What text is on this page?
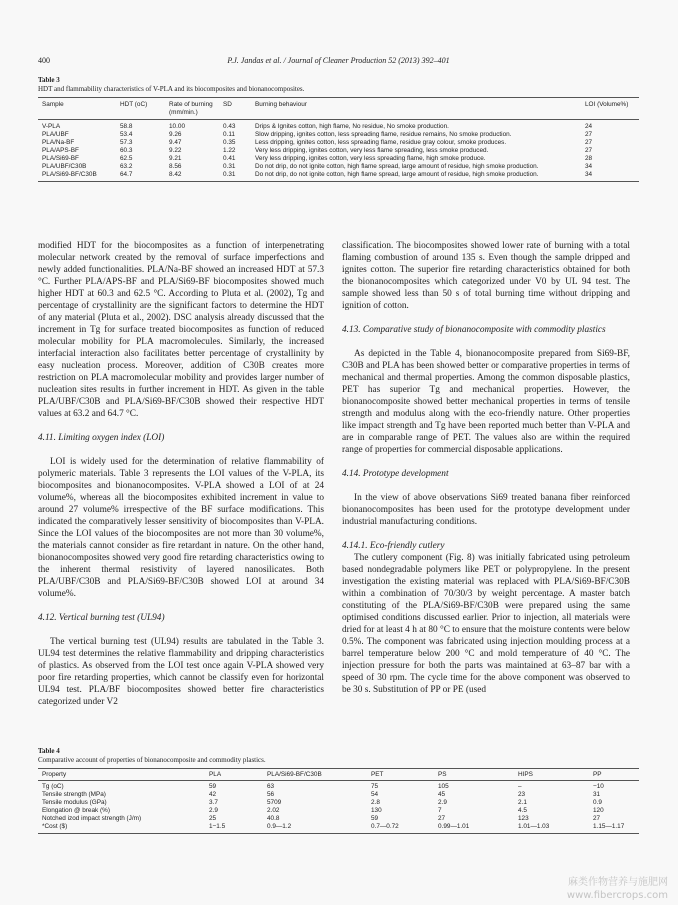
400	P.J. Jandas et al. / Journal of Cleaner Production 52 (2013) 392–401
Table 3
HDT and flammability characteristics of V-PLA and its biocomposites and bionanocomposites.
Sample	HDT (oC)	Rate of burning (mm/min.)	SD	Burning behaviour	LOI (Volume%)

V-PLA	58.8	10.00	0.43	Drips & Ignites cotton, high flame, No residue, No smoke production.	24
PLA/UBF	53.4	9.26	0.11	Slow dripping, ignites cotton, less spreading flame, residue remains, No smoke production.	27
PLA/Na-BF	57.3	9.47	0.35	Less dripping, ignites cotton, less spreading flame, residue gray colour, smoke produces.	27
PLA/APS-BF	60.3	9.22	1.22	Very less dripping, ignites cotton, very less flame spreading, less smoke produced.	27
PLA/Si69-BF	62.5	9.21	0.41	Very less dripping, ignites cotton, very less spreading flame, high smoke produce.	28
PLA/UBF/C30B	63.2	8.56	0.31	Do not drip, do not ignite cotton, high flame spread, large amount of residue, high smoke production.	34
PLA/Si69-BF/C30B	64.7	8.42	0.31	Do not drip, do not ignite cotton, high flame spread, large amount of residue, high smoke production.	34

modified HDT for the biocomposites as a function of interpenetrating molecular network created by the removal of surface imperfections and newly added functionalities. PLA/Na-BF showed an increased HDT at 57.3 °C. Further PLA/APS-BF and PLA/Si69-BF biocomposites showed much higher HDT at 60.3 and 62.5 °C. According to Pluta et al. (2002), Tg and percentage of crystallinity are the significant factors to determine the HDT of any material (Pluta et al., 2002). DSC analysis already discussed that the increment in Tg for surface treated biocomposites as function of reduced molecular mobility for PLA macromolecules. Similarly, the increased interfacial interaction also facilitates better percentage of crystallinity by easy nucleation process. Moreover, addition of C30B creates more restriction on PLA macromolecular mobility and provides larger number of nucleation sites results in further increment in HDT. As given in the table PLA/UBF/C30B and PLA/Si69-BF/C30B showed their respective HDT values at 63.2 and 64.7 °C.

4.11. Limiting oxygen index (LOI)

LOI is widely used for the determination of relative flammability of polymeric materials. Table 3 represents the LOI values of the V-PLA, its biocomposites and bionanocomposites. V-PLA showed a LOI of at 24 volume%, whereas all the biocomposites exhibited increment in value to around 27 volume% irrespective of the BF surface modifications. This indicated the comparatively lesser sensitivity of biocomposites than V-PLA. Since the LOI values of the biocomposites are not more than 30 volume%, the materials cannot consider as fire retardant in nature. On the other hand, bionanocomposites showed very good fire retarding characteristics owing to the inherent thermal resistivity of layered nanosilicates. Both PLA/UBF/C30B and PLA/Si69-BF/C30B showed LOI at around 34 volume%.

4.12. Vertical burning test (UL94)

The vertical burning test (UL94) results are tabulated in the Table 3. UL94 test determines the relative flammability and dripping characteristics of plastics. As observed from the LOI test once again V-PLA showed very poor fire retarding properties, which cannot be classify even for horizontal UL94 test. PLA/BF biocomposites showed better fire characteristics categorized under V2

classification. The biocomposites showed lower rate of burning with a total flaming combustion of around 135 s. Even though the sample dripped and ignites cotton. The superior fire retarding characteristics obtained for both the bionanocomposites which categorized under V0 by UL 94 test. The sample showed less than 50 s of total burning time without dripping and ignition of cotton.

4.13. Comparative study of bionanocomposite with commodity plastics

As depicted in the Table 4, bionanocomposite prepared from Si69-BF, C30B and PLA has been showed better or comparative properties in terms of mechanical and thermal properties. Among the common disposable plastics, PET has superior Tg and mechanical properties. However, the bionanocomposite showed better mechanical properties in terms of tensile strength and modulus along with the eco-friendly nature. Other properties like impact strength and Tg have been reported much better than V-PLA and are in comparable range of PET. The values also are within the required range of properties for commercial disposable applications.

4.14. Prototype development

In the view of above observations Si69 treated banana fiber reinforced bionanocomposites has been used for the prototype development under industrial manufacturing conditions.

4.14.1. Eco-friendly cutlery

The cutlery component (Fig. 8) was initially fabricated using petroleum based nondegradable polymers like PET or polypropylene. In the present investigation the existing material was replaced with PLA/Si69-BF/C30B within a combination of 70/30/3 by weight percentage. A master batch constituting of the PLA/Si69-BF/C30B were prepared using the same optimised conditions discussed earlier. Prior to injection, all materials were dried for at least 4 h at 80 °C to ensure that the moisture contents were below 0.5%. The component was fabricated using injection moulding process at a barrel temperature below 200 °C and mold temperature of 40 °C. The injection pressure for both the parts was maintained at 63–87 bar with a speed of 30 rpm. The cycle time for the above component was observed to be 30 s. Substitution of PP or PE (used

Table 4
Comparative account of properties of bionanocomposite and commodity plastics.
Property	PLA	PLA/Si69-BF/C30B	PET	PS	HIPS	PP
Tg (oC)	59	63	75	105	–	−10
Tensile strength (MPa)	42	56	54	45	23	31
Tensile modulus (GPa)	3.7	5709	2.8	2.9	2.1	0.9
Elongation @ break (%)	2.9	2.02	130	7	4.5	120
Notched izod impact strength (J/m)	25	40.8	59	27	123	27
*Cost ($)	1−1.5	0.9—1.2	0.7—0.72	0.99—1.01	1.01—1.03	1.15—1.17
麻类作物营养与施肥网
www.fibercrops.com
